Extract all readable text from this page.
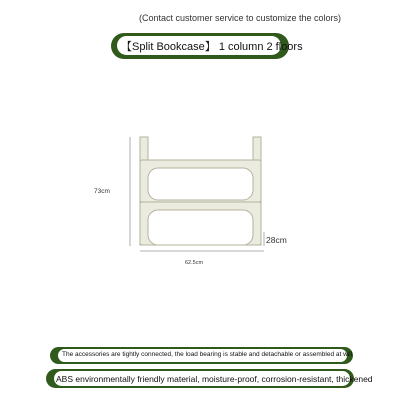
(Contact customer service to customize the colors)
【Split Bookcase】 1 column 2 floors
73cm
28cm
62.5cm
The accessories are tightly connected, the load bearing is stable and detachable or assembled at will
ABS environmentally friendly material, moisture-proof, corrosion-resistant, thickened
